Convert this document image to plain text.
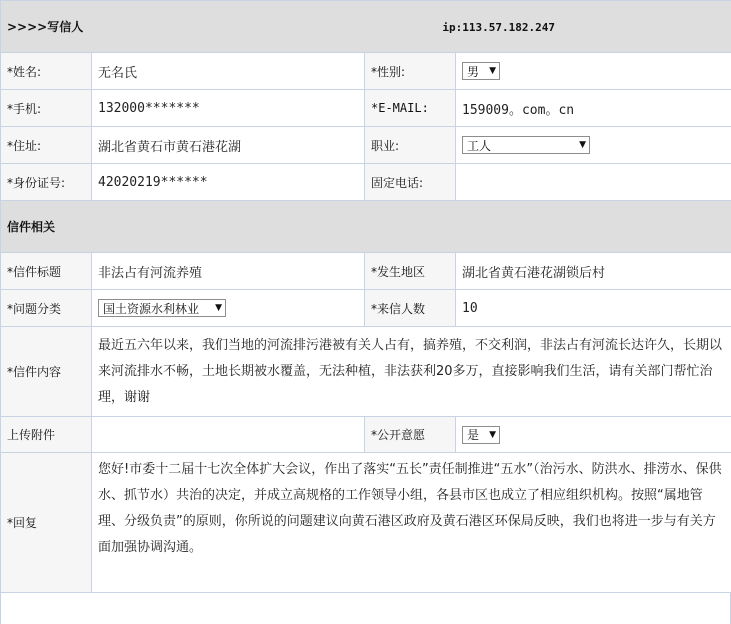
>>>>写信人 ip:113.57.182.247			
*姓名:	无名氏	*性别:	男 ▼

*手机:	132000*******	*E-MAIL:	159009。com。cn
*住址:	湖北省黄石市黄石港花湖	职业:	工人 ▼

*身份证号:	42020219******	固定电话:	
信件相关			
*信件标题	非法占有河流养殖	*发生地区	湖北省黄石港花湖锁后村
*问题分类	国土资源水利林业 ▼	*来信人数	10
*信件内容	最近五六年以来，我们当地的河流排污港被有关人占有，搞养殖，不交利润，非法占有河流长达许久，长期以来河流排水不畅，土地长期被水覆盖，无法种植，非法获利20多万，直接影响我们生活，请有关部门帮忙治理，谢谢		

上传附件		*公开意愿	是 ▼

*回复	您好!市委十二届十七次全体扩大会议，作出了落实“五长”责任制推进“五水”（治污水、防洪水、排涝水、保供水、抓节水）共治的决定，并成立高规格的工作领导小组，各县市区也成立了相应组织机构。按照“属地管理、分级负责”的原则，你所说的问题建议向黄石港区政府及黄石港区环保局反映，我们也将进一步与有关方面加强协调沟通。		
